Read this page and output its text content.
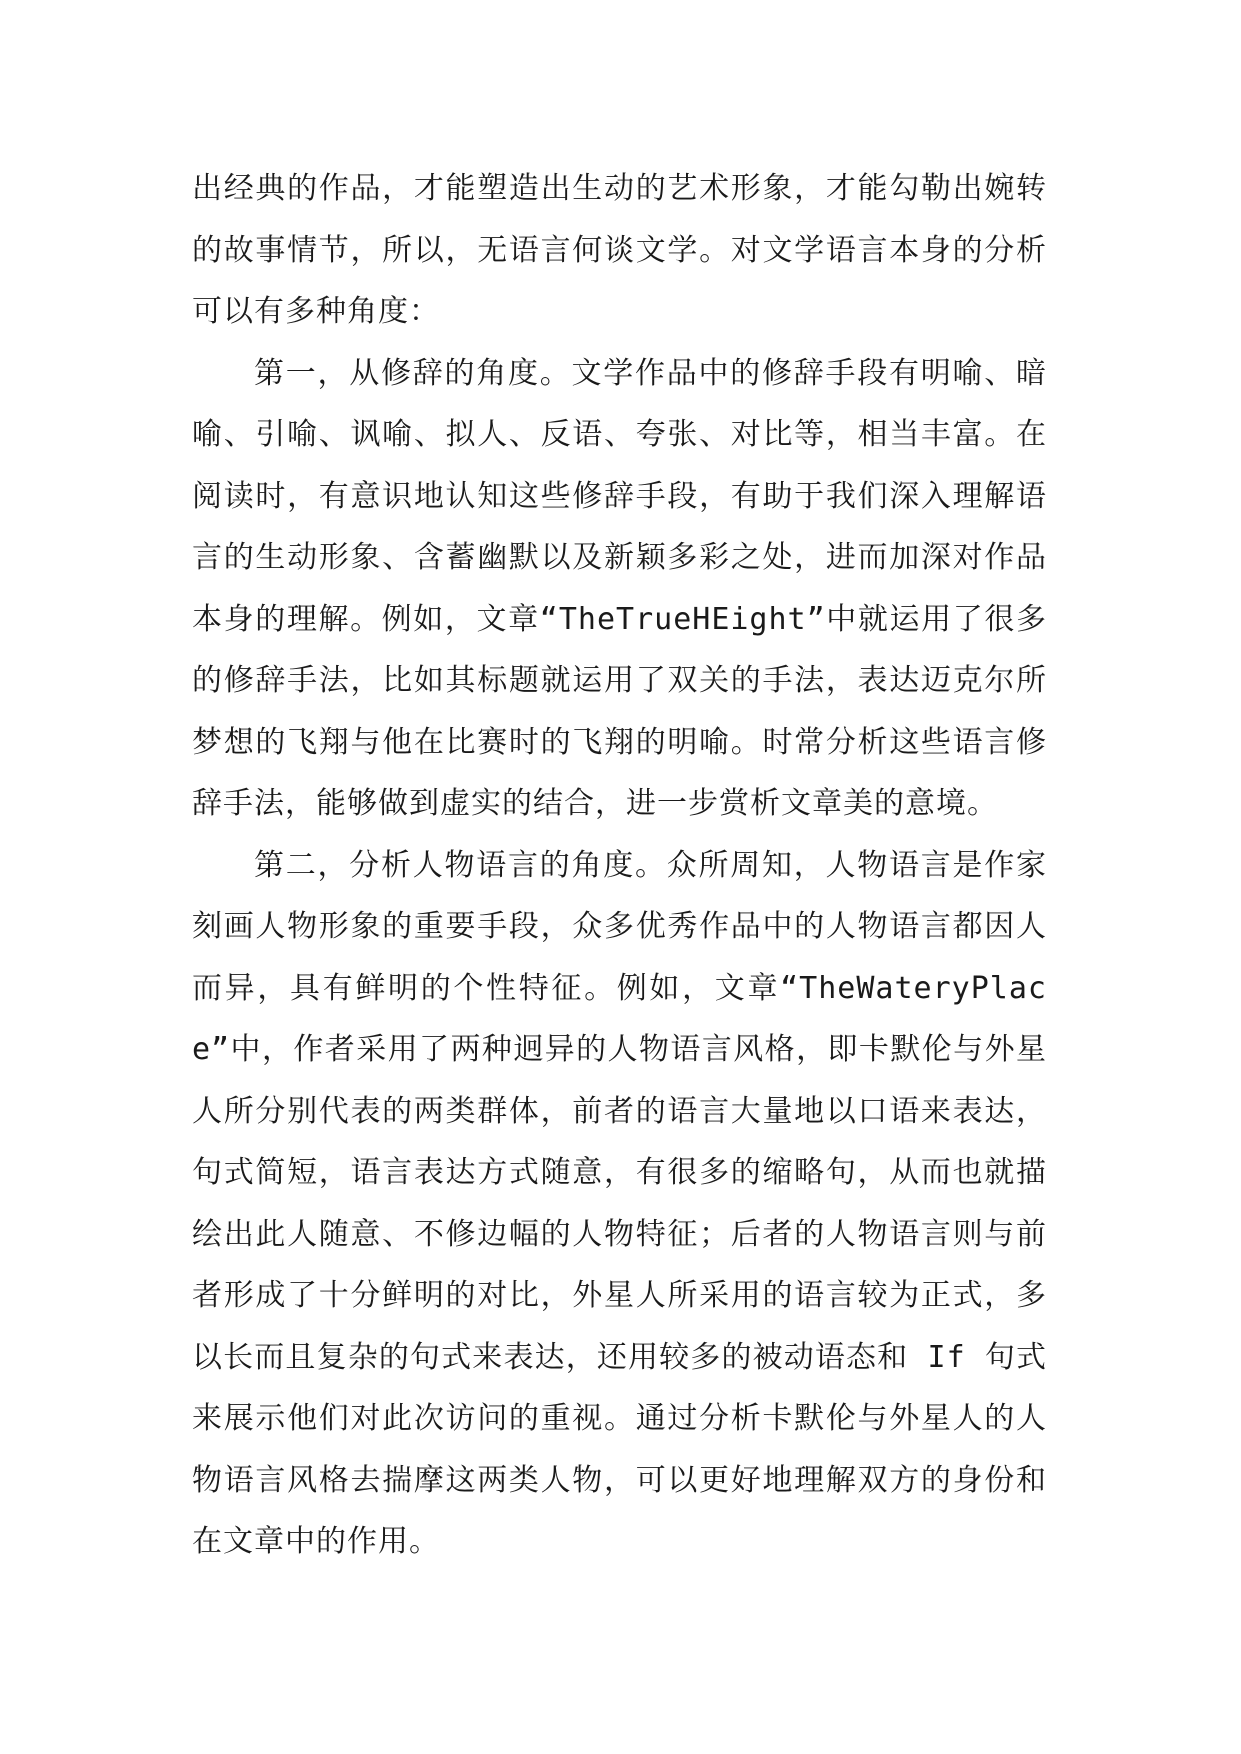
出经典的作品，才能塑造出生动的艺术形象，才能勾勒出婉转的故事情节，所以，无语言何谈文学。对文学语言本身的分析可以有多种角度：

第一，从修辞的角度。文学作品中的修辞手段有明喻、暗喻、引喻、讽喻、拟人、反语、夸张、对比等，相当丰富。在阅读时，有意识地认知这些修辞手段，有助于我们深入理解语言的生动形象、含蓄幽默以及新颖多彩之处，进而加深对作品本身的理解。例如，文章“TheTrueHEight”中就运用了很多的修辞手法，比如其标题就运用了双关的手法，表达迈克尔所梦想的飞翔与他在比赛时的飞翔的明喻。时常分析这些语言修辞手法，能够做到虚实的结合，进一步赏析文章美的意境。

第二，分析人物语言的角度。众所周知，人物语言是作家刻画人物形象的重要手段，众多优秀作品中的人物语言都因人而异，具有鲜明的个性特征。例如，文章“TheWateryPlace”中，作者采用了两种迥异的人物语言风格，即卡默伦与外星人所分别代表的两类群体，前者的语言大量地以口语来表达，句式简短，语言表达方式随意，有很多的缩略句，从而也就描绘出此人随意、不修边幅的人物特征；后者的人物语言则与前者形成了十分鲜明的对比，外星人所采用的语言较为正式，多以长而且复杂的句式来表达，还用较多的被动语态和 If 句式来展示他们对此次访问的重视。通过分析卡默伦与外星人的人物语言风格去揣摩这两类人物，可以更好地理解双方的身份和在文章中的作用。
